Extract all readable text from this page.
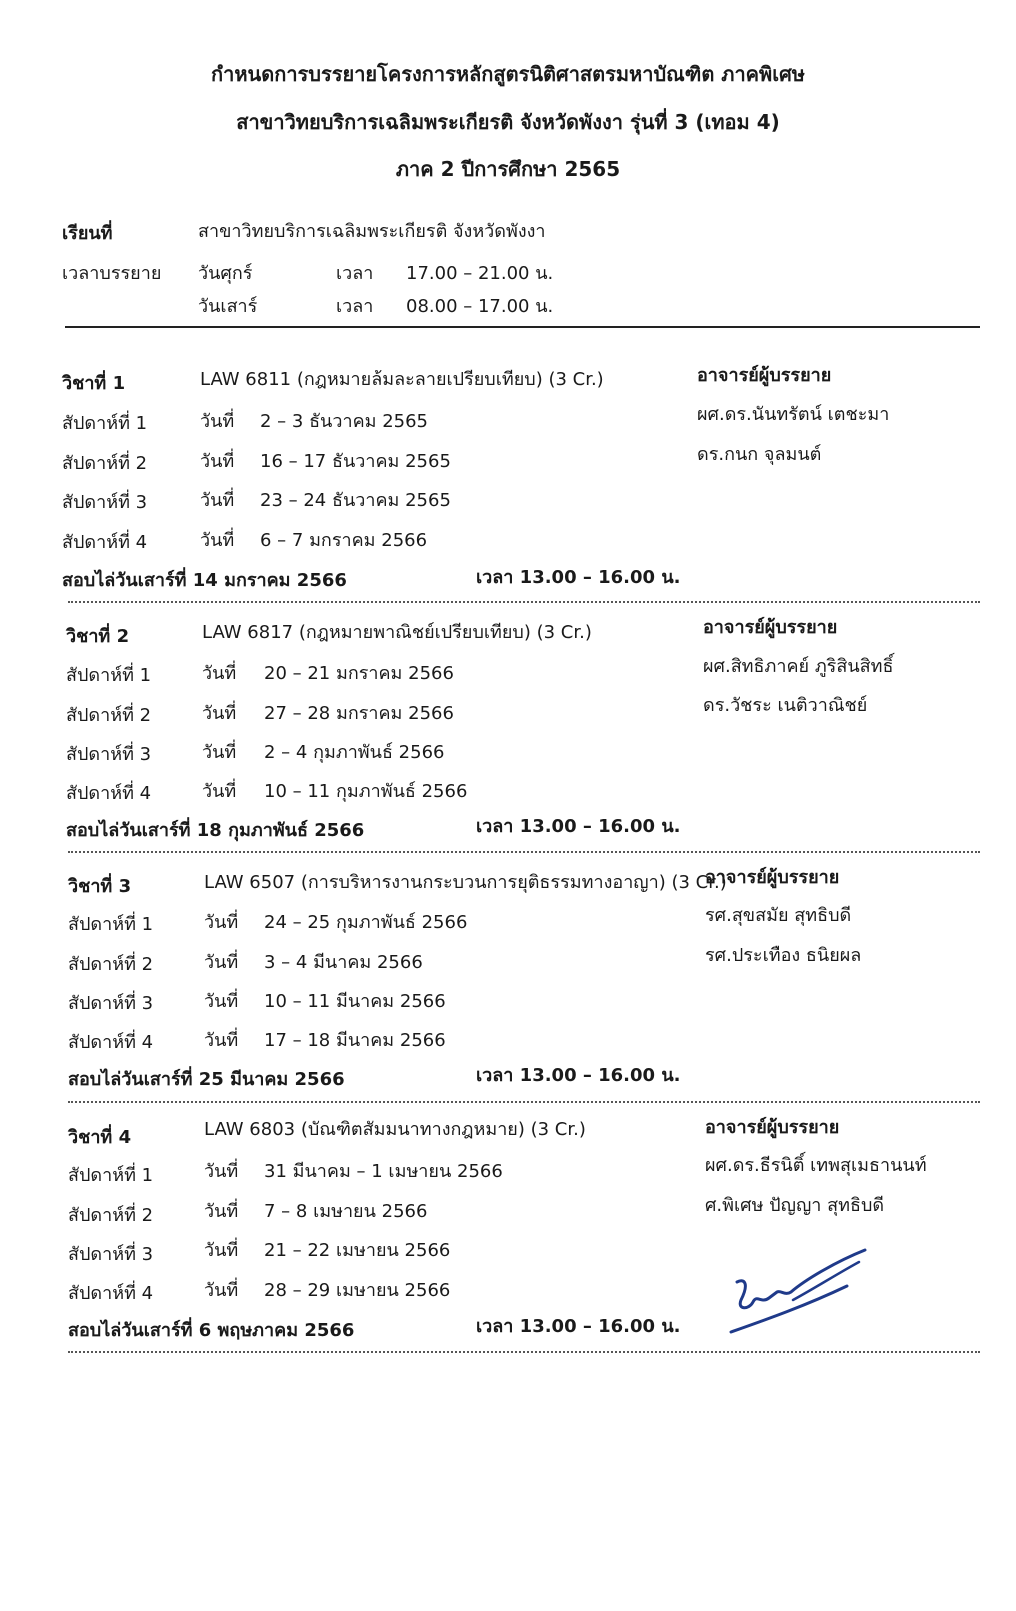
กำหนดการบรรยายโครงการหลักสูตรนิติศาสตรมหาบัณฑิต ภาคพิเศษ
สาขาวิทยบริการเฉลิมพระเกียรติ จังหวัดพังงา รุ่นที่ 3 (เทอม 4)
ภาค 2 ปีการศึกษา 2565
เรียนที่	สาขาวิทยบริการเฉลิมพระเกียรติ จังหวัดพังงา
เวลาบรรยาย วันศุกร์	เวลา 17.00 – 21.00 น.
วันเสาร์	เวลา 08.00 – 17.00 น.
วิชาที่ 1	LAW 6811 (กฎหมายล้มละลายเปรียบเทียบ) (3 Cr.)	อาจารย์ผู้บรรยาย
สัปดาห์ที่ 1	วันที่ 2 – 3 ธันวาคม 2565
สัปดาห์ที่ 2	วันที่ 16 – 17 ธันวาคม 2565
สัปดาห์ที่ 3	วันที่ 23 – 24 ธันวาคม 2565
สัปดาห์ที่ 4	วันที่ 6 – 7 มกราคม 2566
ผศ.ดร.นันทรัตน์ เตชะมา
ดร.กนก จุลมนต์
สอบไล่วันเสาร์ที่ 14 มกราคม 2566	เวลา 13.00 – 16.00 น.
วิชาที่ 2	LAW 6817 (กฎหมายพาณิชย์เปรียบเทียบ) (3 Cr.)	อาจารย์ผู้บรรยาย
สัปดาห์ที่ 1	วันที่ 20 – 21 มกราคม 2566
สัปดาห์ที่ 2	วันที่ 27 – 28 มกราคม 2566
สัปดาห์ที่ 3	วันที่ 2 – 4 กุมภาพันธ์ 2566
สัปดาห์ที่ 4	วันที่ 10 – 11 กุมภาพันธ์ 2566
ผศ.สิทธิภาคย์ ภูริสินสิทธิ์
ดร.วัชระ เนติวาณิชย์
สอบไล่วันเสาร์ที่ 18 กุมภาพันธ์ 2566	เวลา 13.00 – 16.00 น.
วิชาที่ 3	LAW 6507 (การบริหารงานกระบวนการยุติธรรมทางอาญา) (3 Cr.)
อาจารย์ผู้บรรยาย
สัปดาห์ที่ 1	วันที่ 24 – 25 กุมภาพันธ์ 2566
สัปดาห์ที่ 2	วันที่ 3 – 4 มีนาคม 2566
สัปดาห์ที่ 3	วันที่ 10 – 11 มีนาคม 2566
สัปดาห์ที่ 4	วันที่ 17 – 18 มีนาคม 2566
รศ.สุขสมัย สุทธิบดี
รศ.ประเทือง ธนิยผล
สอบไล่วันเสาร์ที่ 25 มีนาคม 2566	เวลา 13.00 – 16.00 น.
วิชาที่ 4	LAW 6803 (บัณฑิตสัมมนาทางกฎหมาย) (3 Cr.)	อาจารย์ผู้บรรยาย
สัปดาห์ที่ 1	วันที่ 31 มีนาคม – 1 เมษายน 2566
สัปดาห์ที่ 2	วันที่ 7 – 8 เมษายน 2566
สัปดาห์ที่ 3	วันที่ 21 – 22 เมษายน 2566
สัปดาห์ที่ 4	วันที่ 28 – 29 เมษายน 2566
ผศ.ดร.ธีรนิติ์ เทพสุเมธานนท์
ศ.พิเศษ ปัญญา สุทธิบดี
สอบไล่วันเสาร์ที่ 6 พฤษภาคม 2566	เวลา 13.00 – 16.00 น.
